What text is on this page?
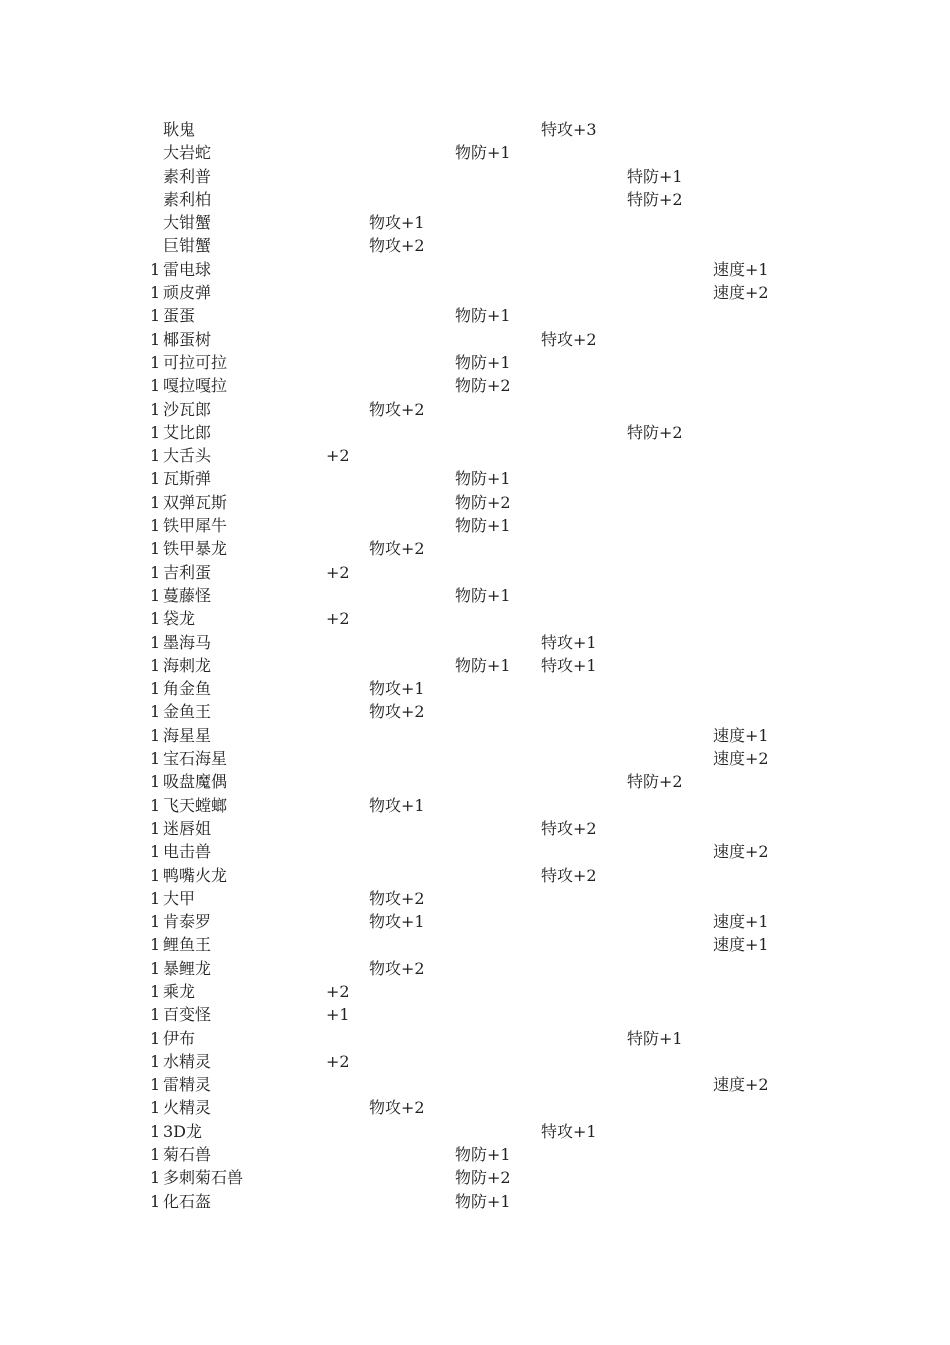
耿鬼	特攻+3
大岩蛇	物防+1
素利普	特防+1
素利柏	特防+2
大钳蟹	物攻+1
巨钳蟹	物攻+2
1 雷电球	速度+1
1 顽皮弹	速度+2
1 蛋蛋	物防+1
1 椰蛋树	特攻+2
1 可拉可拉	物防+1
1 嘎拉嘎拉	物防+2
1 沙瓦郎	物攻+2
1 艾比郎	特防+2
1 大舌头	+2
1 瓦斯弹	物防+1
1 双弹瓦斯	物防+2
1 铁甲犀牛	物防+1
1 铁甲暴龙	物攻+2
1 吉利蛋	+2
1 蔓藤怪	物防+1
1 袋龙	+2
1 墨海马	特攻+1
1 海刺龙	物防+1 特攻+1
1 角金鱼	物攻+1
1 金鱼王	物攻+2
1 海星星	速度+1
1 宝石海星	速度+2
1 吸盘魔偶	特防+2
1 飞天螳螂	物攻+1
1 迷唇姐	特攻+2
1 电击兽	速度+2
1 鸭嘴火龙	特攻+2
1 大甲	物攻+2
1 肯泰罗	物攻+1	速度+1
1 鲤鱼王	速度+1
1 暴鲤龙	物攻+2
1 乘龙	+2
1 百变怪	+1
1 伊布	特防+1
1 水精灵	+2
1 雷精灵	速度+2
1 火精灵	物攻+2
1 3D龙	特攻+1
1 菊石兽	物防+1
1 多刺菊石兽	物防+2
1 化石盔	物防+1
